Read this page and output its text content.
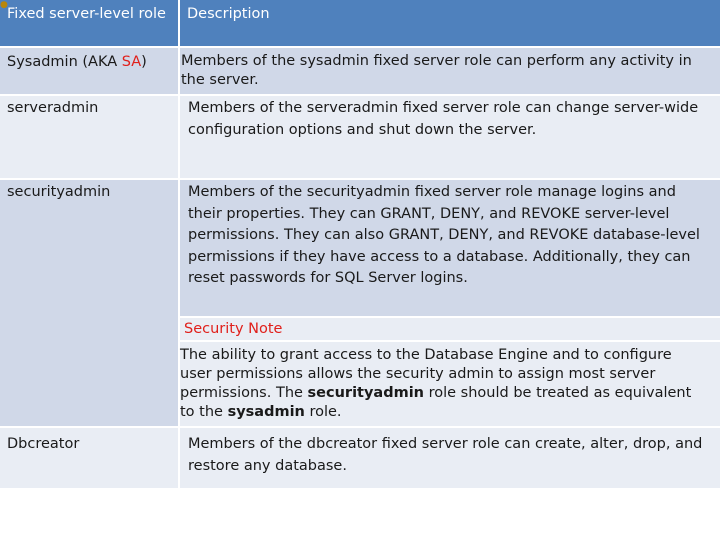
Fixed server-level role	Description
Sysadmin (AKA SA)	Members of the sysadmin fixed server role can perform any activity in the server.
serveradmin	Members of the serveradmin fixed server role can change server-wide configuration options and shut down the server.
securityadmin	Members of the securityadmin fixed server role manage logins and their properties. They can GRANT, DENY, and REVOKE server-level permissions. They can also GRANT, DENY, and REVOKE database-level permissions if they have access to a database. Additionally, they can reset passwords for SQL Server logins.
Security Note
The ability to grant access to the Database Engine and to configure user permissions allows the security admin to assign most server permissions. The securityadmin role should be treated as equivalent to the sysadmin role.
Dbcreator	Members of the dbcreator fixed server role can create, alter, drop, and restore any database.
●
